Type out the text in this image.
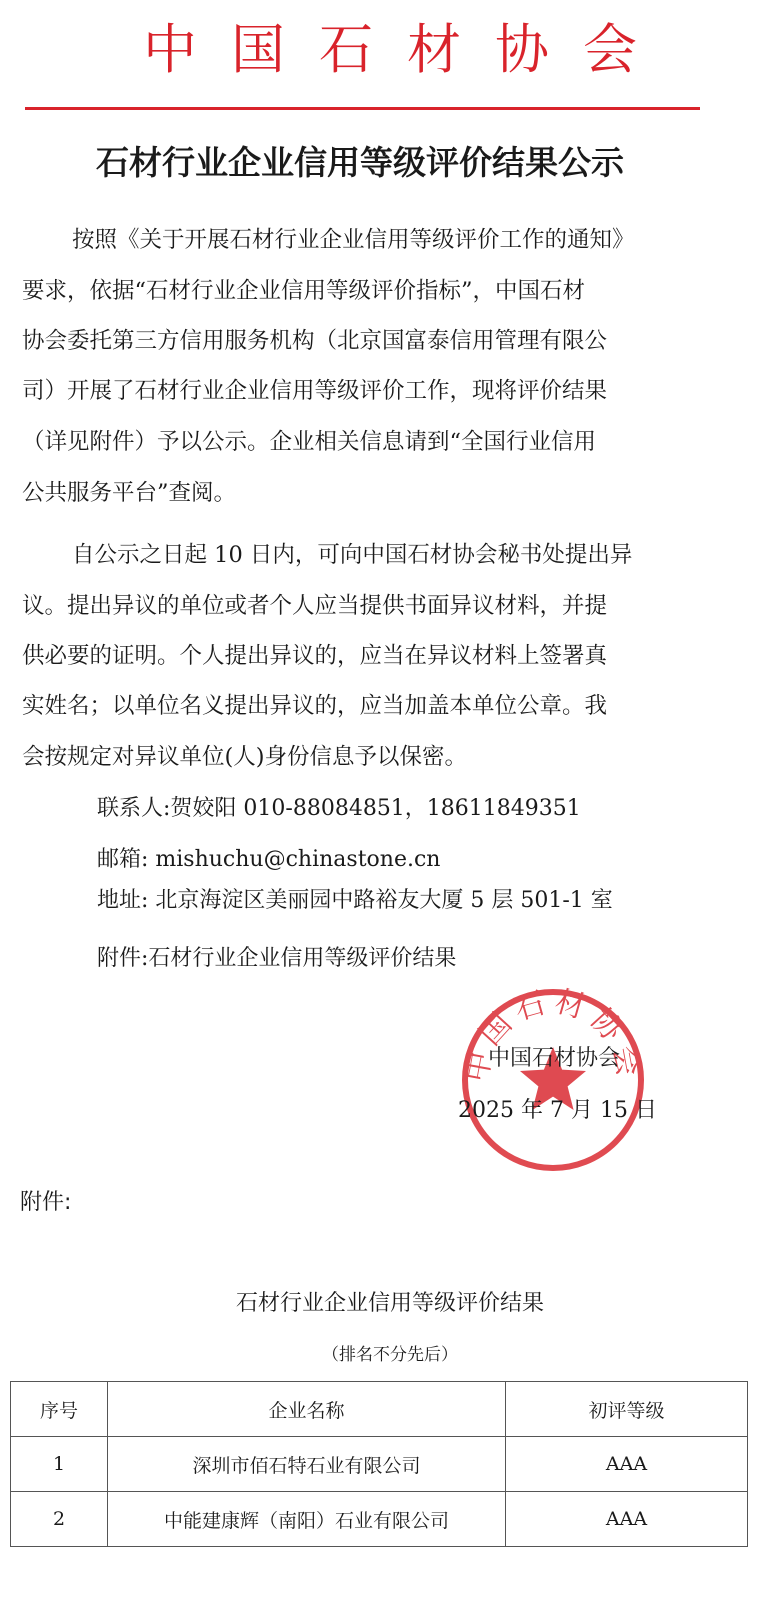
中国石材协会
石材行业企业信用等级评价结果公示
按照《关于开展石材行业企业信用等级评价工作的通知》
要求，依据“石材行业企业信用等级评价指标”，中国石材
协会委托第三方信用服务机构（北京国富泰信用管理有限公
司）开展了石材行业企业信用等级评价工作，现将评价结果
（详见附件）予以公示。企业相关信息请到“全国行业信用
公共服务平台”查阅。
自公示之日起 10 日内，可向中国石材协会秘书处提出异
议。提出异议的单位或者个人应当提供书面异议材料，并提
供必要的证明。个人提出异议的，应当在异议材料上签署真
实姓名；以单位名义提出异议的，应当加盖本单位公章。我
会按规定对异议单位(人)身份信息予以保密。
联系人:贺姣阳 010-88084851，18611849351
邮箱: mishuchu@chinastone.cn
地址: 北京海淀区美丽园中路裕友大厦 5 层 501-1 室
附件:石材行业企业信用等级评价结果
中国石材协会
中国石材协会
2025 年 7 月 15 日
附件:
石材行业企业信用等级评价结果
（排名不分先后）
序号	企业名称	初评等级
1	深圳市佰石特石业有限公司	AAA
2	中能建康辉（南阳）石业有限公司	AAA
